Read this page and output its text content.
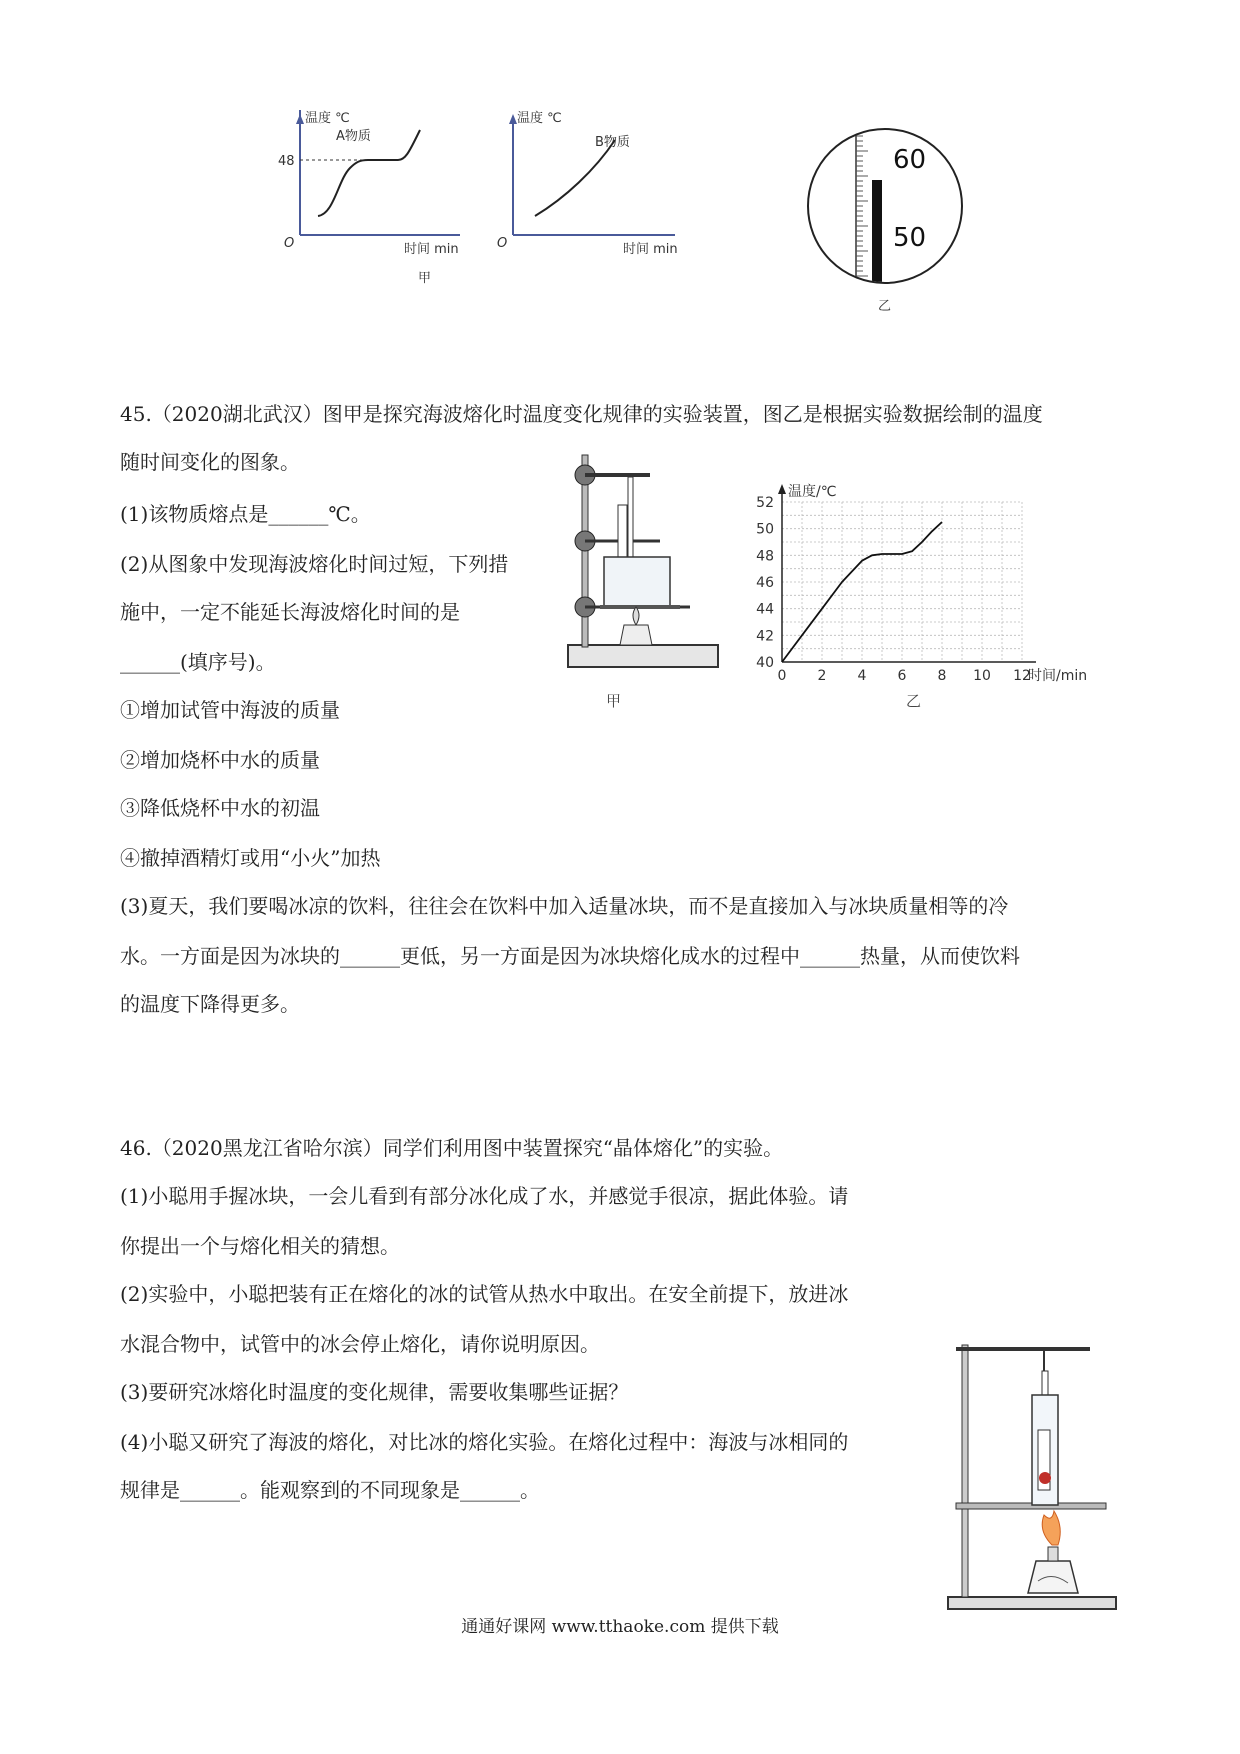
温度 ℃
A物质
48
O	时间 min
甲
温度 ℃
B物质
O	时间 min
60
50
乙
45.（2020湖北武汉）图甲是探究海波熔化时温度变化规律的实验装置，图乙是根据实验数据绘制的温度
随时间变化的图象。
(1)该物质熔点是______℃。
(2)从图象中发现海波熔化时间过短，下列措
施中，一定不能延长海波熔化时间的是
______(填序号)。
①增加试管中海波的质量
②增加烧杯中水的质量
③降低烧杯中水的初温
④撤掉酒精灯或用“小火”加热
(3)夏天，我们要喝冰凉的饮料，往往会在饮料中加入适量冰块，而不是直接加入与冰块质量相等的冷
水。一方面是因为冰块的______更低，另一方面是因为冰块熔化成水的过程中______热量，从而使饮料
的温度下降得更多。
甲
0 2 4 6 8 10 12
40
42
44
46
48
50
52
温度/℃
时间/min
乙
46.（2020黑龙江省哈尔滨）同学们利用图中装置探究“晶体熔化”的实验。
(1)小聪用手握冰块，一会儿看到有部分冰化成了水，并感觉手很凉，据此体验。请
你提出一个与熔化相关的猜想。
(2)实验中，小聪把装有正在熔化的冰的试管从热水中取出。在安全前提下，放进冰
水混合物中，试管中的冰会停止熔化，请你说明原因。
(3)要研究冰熔化时温度的变化规律，需要收集哪些证据？
(4)小聪又研究了海波的熔化，对比冰的熔化实验。在熔化过程中：海波与冰相同的
规律是______。能观察到的不同现象是______。
通通好课网 www.tthaoke.com 提供下载
